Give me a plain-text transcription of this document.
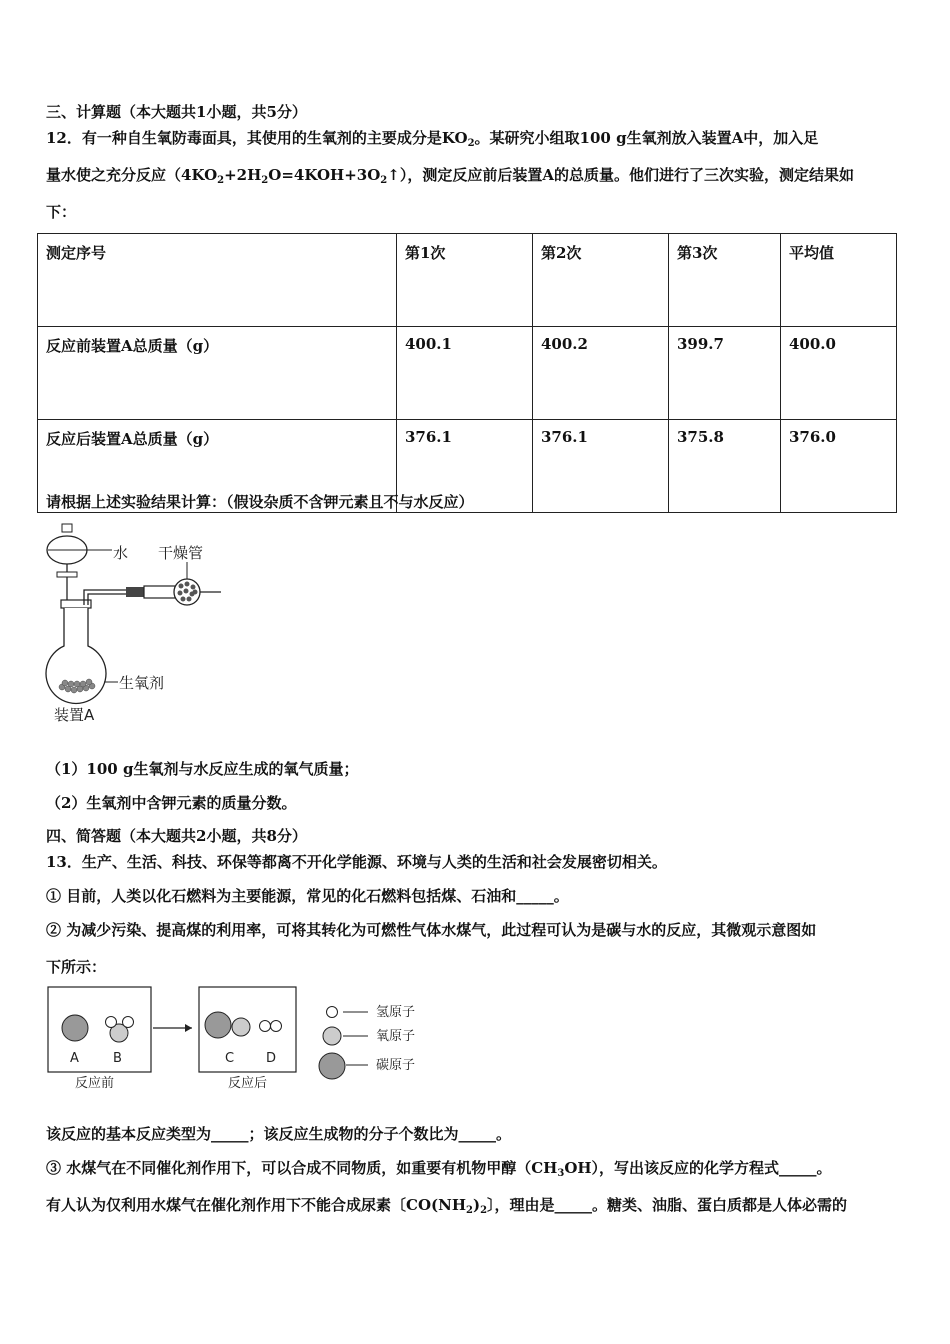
三、计算题（本大题共1小题，共5分）
12．有一种自生氧防毒面具，其使用的生氧剂的主要成分是$KO_2$。某研究小组取100 g生氧剂放入装置A中，加入足
量水使之充分反应$(4KO_2+2H_2O=4KOH+3O_2↑)$，测定反应前后装置A的总质量。他们进行了三次实验，测定结果如
下：
测定序号	第1次	第2次	第3次	平均值
反应前装置A总质量（g）	400.1	400.2	399.7	400.0
反应后装置A总质量（g）	376.1	376.1	375.8	376.0
请根据上述实验结果计算：（假设杂质不含钾元素且不与水反应）
水 干燥管
生氧剂
装置A
（1）100 g生氧剂与水反应生成的氧气质量；
（2）生氧剂中含钾元素的质量分数。
四、简答题（本大题共2小题，共8分）
13．生产、生活、科技、环保等都离不开化学能源、环境与人类的生活和社会发展密切相关。
① 目前，人类以化石燃料为主要能源，常见的化石燃料包括煤、石油和_____。
② 为减少污染、提高煤的利用率，可将其转化为可燃性气体水煤气，此过程可认为是碳与水的反应，其微观示意图如
下所示：
A	B
反应前
C D
反应后
氢原子
氧原子
碳原子
该反应的基本反应类型为_____；该反应生成物的分子个数比为_____。
③ 水煤气在不同催化剂作用下，可以合成不同物质，如重要有机物甲醇$(CH_3OH)$，写出该反应的化学方程式_____。
有人认为仅利用水煤气在催化剂作用下不能合成尿素〔$CO(NH_2)_2$〕，理由是_____。糖类、油脂、蛋白质都是人体必需的
